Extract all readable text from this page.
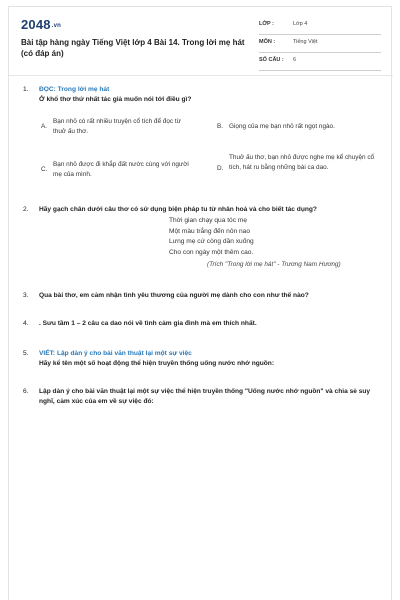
2048.vn
Bài tập hàng ngày Tiếng Việt lớp 4 Bài 14. Trong lời mẹ hát (có đáp án)
LỚP :	Lớp 4
MÔN :	Tiếng Việt
SỐ CÂU : 6
1.	ĐỌC: Trong lời mẹ hát
Ở khổ thơ thứ nhất tác giả muốn nói tới điều gì?
A.
Bạn nhỏ có rất nhiều truyện cổ tích để đọc từ thuở ấu thơ.
B. Giọng của mẹ bạn nhỏ rất ngọt ngào.
C.
Bạn nhỏ được đi khắp đất nước cùng với người mẹ của mình.
D.
Thuở ấu thơ, bạn nhỏ được nghe mẹ kể chuyện cổ tích, hát ru bằng những bài ca dao.
2.	Hãy gạch chân dưới câu thơ có sử dụng biện pháp tu từ nhân hoá và cho biết tác dụng?
Thời gian chạy qua tóc mẹ
Một màu trắng đến nôn nao
Lưng mẹ cứ còng dần xuống
Cho con ngày một thêm cao.
(Trích "Trong lời mẹ hát" - Trương Nam Hương)
3.	Qua bài thơ, em cảm nhận tình yêu thương của người mẹ dành cho con như thế nào?
4.	. Sưu tầm 1 – 2 câu ca dao nói về tình cảm gia đình mà em thích nhất.
5.	VIẾT: Lập dàn ý cho bài văn thuật lại một sự việc
Hãy kể tên một số hoạt động thể hiện truyền thống uống nước nhớ nguồn:
6.	Lập dàn ý cho bài văn thuật lại một sự việc thể hiện truyền thống "Uống nước nhớ nguồn" và chia sẻ suy nghĩ, cảm xúc của em về sự việc đó:
